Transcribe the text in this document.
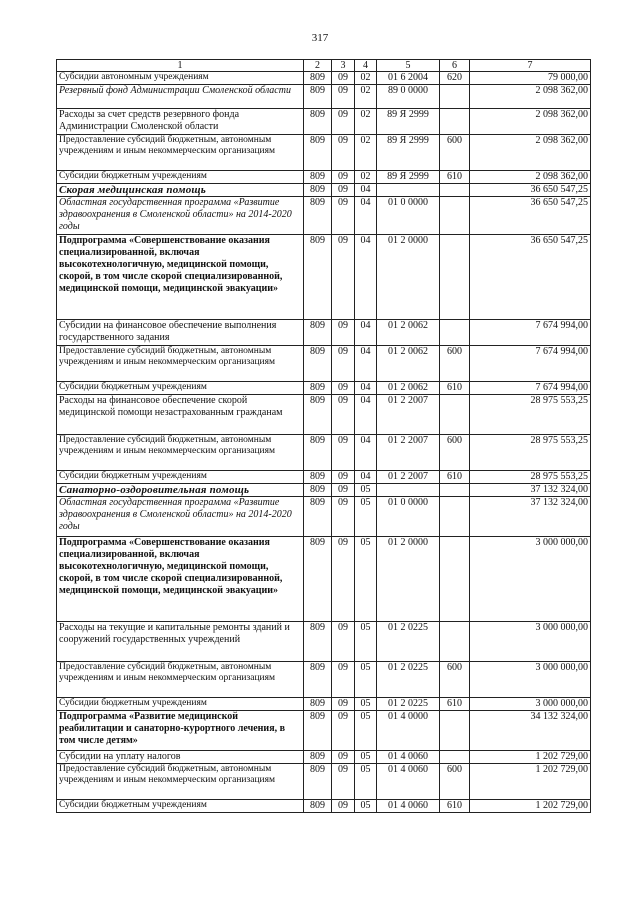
317
1	2	3	4	5	6	7
Субсидии автономным учреждениям	809	09	02	01 6 2004	620	79 000,00
Резервный фонд Администрации Смоленской области	809	09	02	89 0 0000		2 098 362,00
Расходы за счет средств резервного фонда Администрации Смоленской области	809	09	02	89 Я 2999		2 098 362,00
Предоставление субсидий бюджетным, автономным учреждениям и иным некоммерческим организациям	809	09	02	89 Я 2999	600	2 098 362,00
Субсидии бюджетным учреждениям	809	09	02	89 Я 2999	610	2 098 362,00
Скорая медицинская помощь	809	09	04			36 650 547,25
Областная государственная программа «Развитие здравоохранения в Смоленской области» на 2014-2020 годы	809	09	04	01 0 0000		36 650 547,25
Подпрограмма «Совершенствование оказания специализированной, включая высокотехнологичную, медицинской помощи, скорой, в том числе скорой специализированной, медицинской помощи, медицинской эвакуации»	809	09	04	01 2 0000		36 650 547,25
Субсидии на финансовое обеспечение выполнения государственного задания	809	09	04	01 2 0062		7 674 994,00
Предоставление субсидий бюджетным, автономным учреждениям и иным некоммерческим организациям	809	09	04	01 2 0062	600	7 674 994,00
Субсидии бюджетным учреждениям	809	09	04	01 2 0062	610	7 674 994,00
Расходы на финансовое обеспечение скорой медицинской помощи незастрахованным гражданам	809	09	04	01 2 2007		28 975 553,25
Предоставление субсидий бюджетным, автономным учреждениям и иным некоммерческим организациям	809	09	04	01 2 2007	600	28 975 553,25
Субсидии бюджетным учреждениям	809	09	04	01 2 2007	610	28 975 553,25
Санаторно-оздоровительная помощь	809	09	05			37 132 324,00
Областная государственная программа «Развитие здравоохранения в Смоленской области» на 2014-2020 годы	809	09	05	01 0 0000		37 132 324,00
Подпрограмма «Совершенствование оказания специализированной, включая высокотехнологичную, медицинской помощи, скорой, в том числе скорой специализированной, медицинской помощи, медицинской эвакуации»	809	09	05	01 2 0000		3 000 000,00
Расходы на текущие и капитальные ремонты зданий и сооружений государственных учреждений	809	09	05	01 2 0225		3 000 000,00
Предоставление субсидий бюджетным, автономным учреждениям и иным некоммерческим организациям	809	09	05	01 2 0225	600	3 000 000,00
Субсидии бюджетным учреждениям	809	09	05	01 2 0225	610	3 000 000,00
Подпрограмма «Развитие медицинской реабилитации и санаторно-курортного лечения, в том числе детям»	809	09	05	01 4 0000		34 132 324,00
Субсидии на уплату налогов	809	09	05	01 4 0060		1 202 729,00
Предоставление субсидий бюджетным, автономным учреждениям и иным некоммерческим организациям	809	09	05	01 4 0060	600	1 202 729,00
Субсидии бюджетным учреждениям	809	09	05	01 4 0060	610	1 202 729,00
